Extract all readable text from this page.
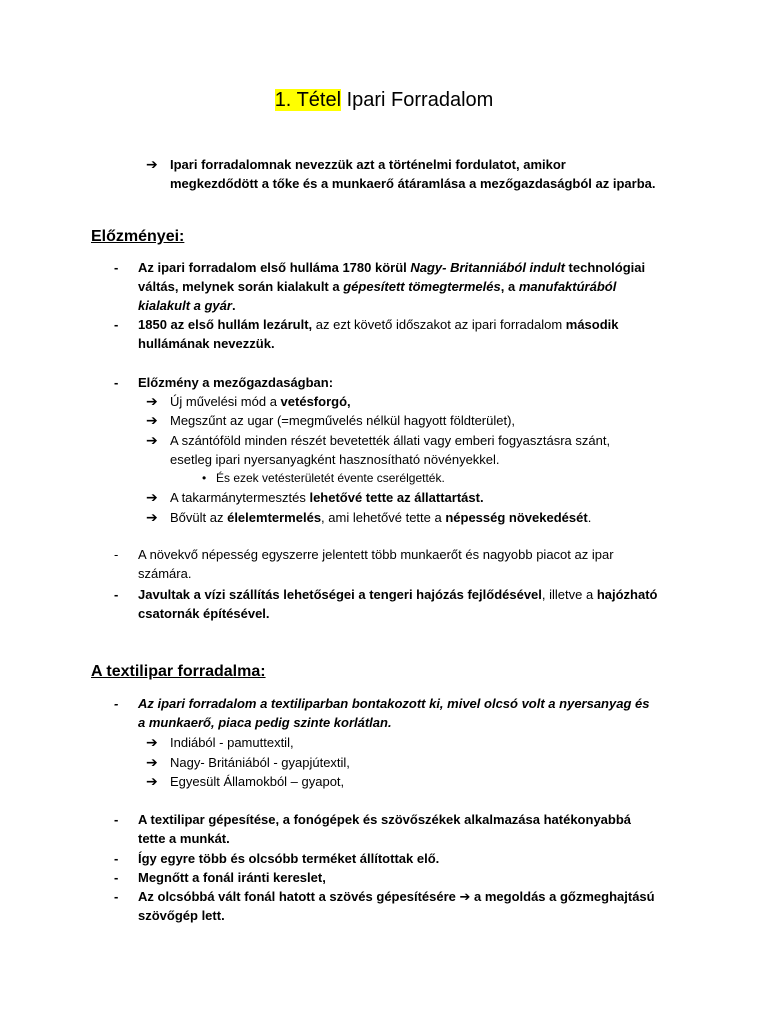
1. Tétel Ipari Forradalom
➔ Ipari forradalomnak nevezzük azt a történelmi fordulatot, amikor
megkezdődött a tőke és a munkaerő átáramlása a mezőgazdaságból az iparba.
Előzményei:
- Az ipari forradalom első hulláma 1780 körül Nagy- Britanniából indult technológiai
váltás, melynek során kialakult a gépesített tömegtermelés, a manufaktúrából
kialakult a gyár.
- 1850 az első hullám lezárult, az ezt követő időszakot az ipari forradalom második
hullámának nevezzük.
- Előzmény a mezőgazdaságban:
➔ Új művelési mód a vetésforgó,
➔ Megszűnt az ugar (=megművelés nélkül hagyott földterület),
➔ A szántóföld minden részét bevetették állati vagy emberi fogyasztásra szánt,
esetleg ipari nyersanyagként hasznosítható növényekkel.
• És ezek vetésterületét évente cserélgették.
➔ A takarmánytermesztés lehetővé tette az állattartást.
➔ Bővült az élelemtermelés, ami lehetővé tette a népesség növekedését.
- A növekvő népesség egyszerre jelentett több munkaerőt és nagyobb piacot az ipar
számára.
- Javultak a vízi szállítás lehetőségei a tengeri hajózás fejlődésével, illetve a hajózható
csatornák építésével.
A textilipar forradalma:
- Az ipari forradalom a textiliparban bontakozott ki, mivel olcsó volt a nyersanyag és
a munkaerő, piaca pedig szinte korlátlan.
➔ Indiából - pamuttextil,
➔ Nagy- Britániából - gyapjútextil,
➔ Egyesült Államokból – gyapot,
- A textilipar gépesítése, a fonógépek és szövőszékek alkalmazása hatékonyabbá
tette a munkát.
- Így egyre több és olcsóbb terméket állítottak elő.
- Megnőtt a fonál iránti kereslet,
- Az olcsóbbá vált fonál hatott a szövés gépesítésére ➔ a megoldás a gőzmeghajtású
szövőgép lett.
